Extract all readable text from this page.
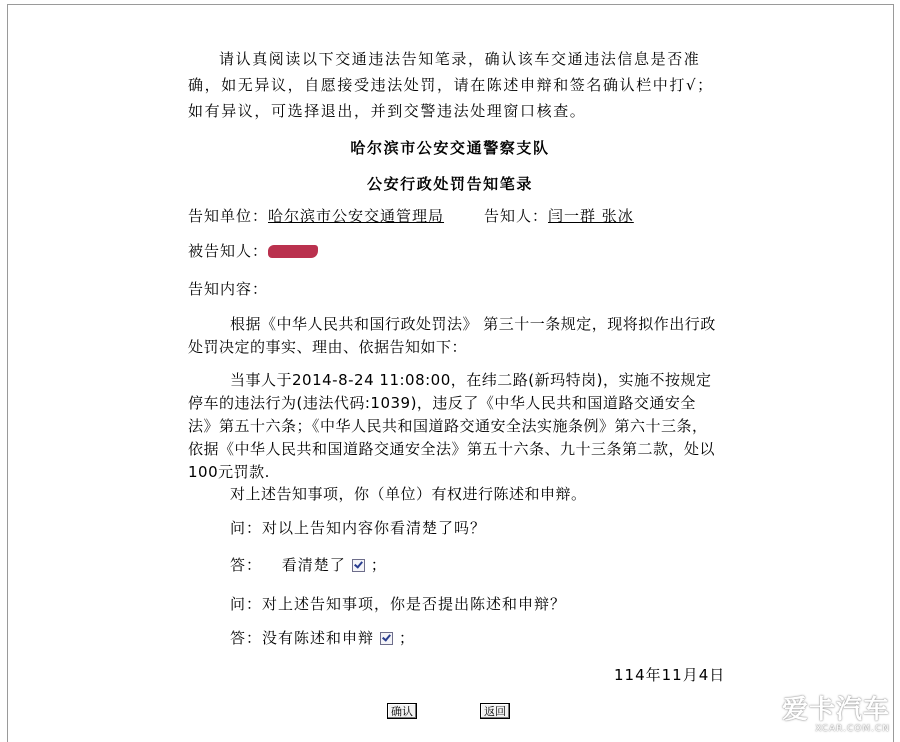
请认真阅读以下交通违法告知笔录，确认该车交通违法信息是否准确，如无异议，自愿接受违法处罚，请在陈述申辩和签名确认栏中打√；如有异议，可选择退出，并到交警违法处理窗口核查。
哈尔滨市公安交通警察支队
公安行政处罚告知笔录
告知单位：哈尔滨市公安交通管理局	告知人：闫一群 张冰
被告知人：
告知内容：
根据《中华人民共和国行政处罚法》 第三十一条规定，现将拟作出行政处罚决定的事实、理由、依据告知如下：
当事人于2014-8-24 11:08:00，在纬二路(新玛特岗)，实施不按规定停车的违法行为(违法代码:1039)，违反了《中华人民共和国道路交通安全法》第五十六条；《中华人民共和国道路交通安全法实施条例》第六十三条，依据《中华人民共和国道路交通安全法》第五十六条、九十三条第二款，处以100元罚款.
对上述告知事项，你（单位）有权进行陈述和申辩。
问：对以上告知内容你看清楚了吗？
答： 看清楚了 ；
问：对上述告知事项，你是否提出陈述和申辩？
答：没有陈述和申辩 ；
114年11月4日
确认	返回	爱卡汽车
XCAR.COM.CN
